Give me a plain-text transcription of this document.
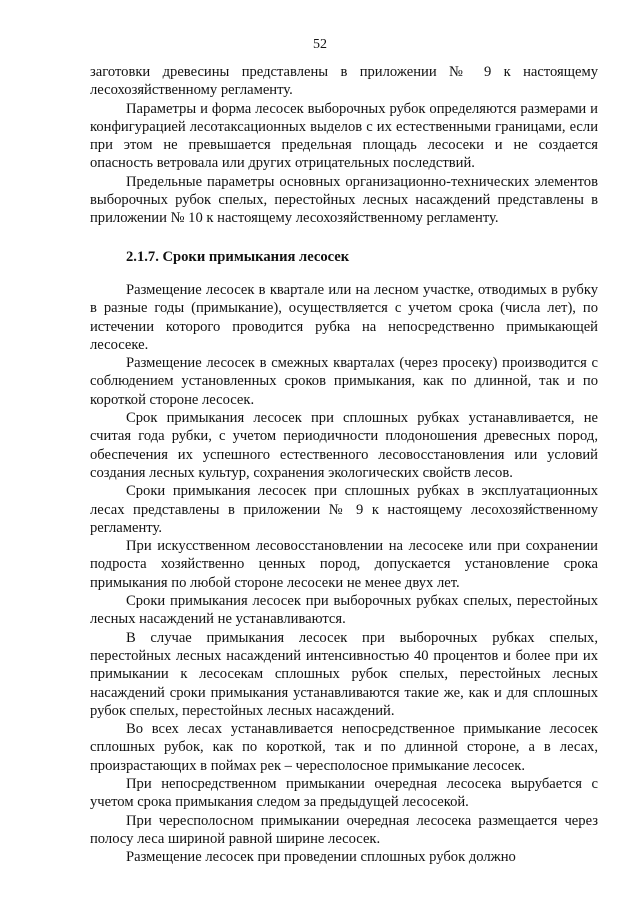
52

заготовки древесины представлены в приложении № 9 к настоящему лесохозяйственному регламенту.

Параметры и форма лесосек выборочных рубок определяются размерами и конфигурацией лесотаксационных выделов с их естественными границами, если при этом не превышается предельная площадь лесосеки и не создается опасность ветровала или других отрицательных последствий.

Предельные параметры основных организационно-технических элементов выборочных рубок спелых, перестойных лесных насаждений представлены в приложении № 10 к настоящему лесохозяйственному регламенту.

2.1.7. Сроки примыкания лесосек

Размещение лесосек в квартале или на лесном участке, отводимых в рубку в разные годы (примыкание), осуществляется с учетом срока (числа лет), по истечении которого проводится рубка на непосредственно примыкающей лесосеке.

Размещение лесосек в смежных кварталах (через просеку) производится с соблюдением установленных сроков примыкания, как по длинной, так и по короткой стороне лесосек.

Срок примыкания лесосек при сплошных рубках устанавливается, не считая года рубки, с учетом периодичности плодоношения древесных пород, обеспечения их успешного естественного лесовосстановления или условий создания лесных культур, сохранения экологических свойств лесов.

Сроки примыкания лесосек при сплошных рубках в эксплуатационных лесах представлены в приложении № 9 к настоящему лесохозяйственному регламенту.

При искусственном лесовосстановлении на лесосеке или при сохранении подроста хозяйственно ценных пород, допускается установление срока примыкания по любой стороне лесосеки не менее двух лет.

Сроки примыкания лесосек при выборочных рубках спелых, перестойных лесных насаждений не устанавливаются.

В случае примыкания лесосек при выборочных рубках спелых, перестойных лесных насаждений интенсивностью 40 процентов и более при их примыкании к лесосекам сплошных рубок спелых, перестойных лесных насаждений сроки примыкания устанавливаются такие же, как и для сплошных рубок спелых, перестойных лесных насаждений.

Во всех лесах устанавливается непосредственное примыкание лесосек сплошных рубок, как по короткой, так и по длинной стороне, а в лесах, произрастающих в поймах рек – чересполосное примыкание лесосек.

При непосредственном примыкании очередная лесосека вырубается с учетом срока примыкания следом за предыдущей лесосекой.

При чересполосном примыкании очередная лесосека размещается через полосу леса шириной равной ширине лесосек.

Размещение лесосек при проведении сплошных рубок должно
